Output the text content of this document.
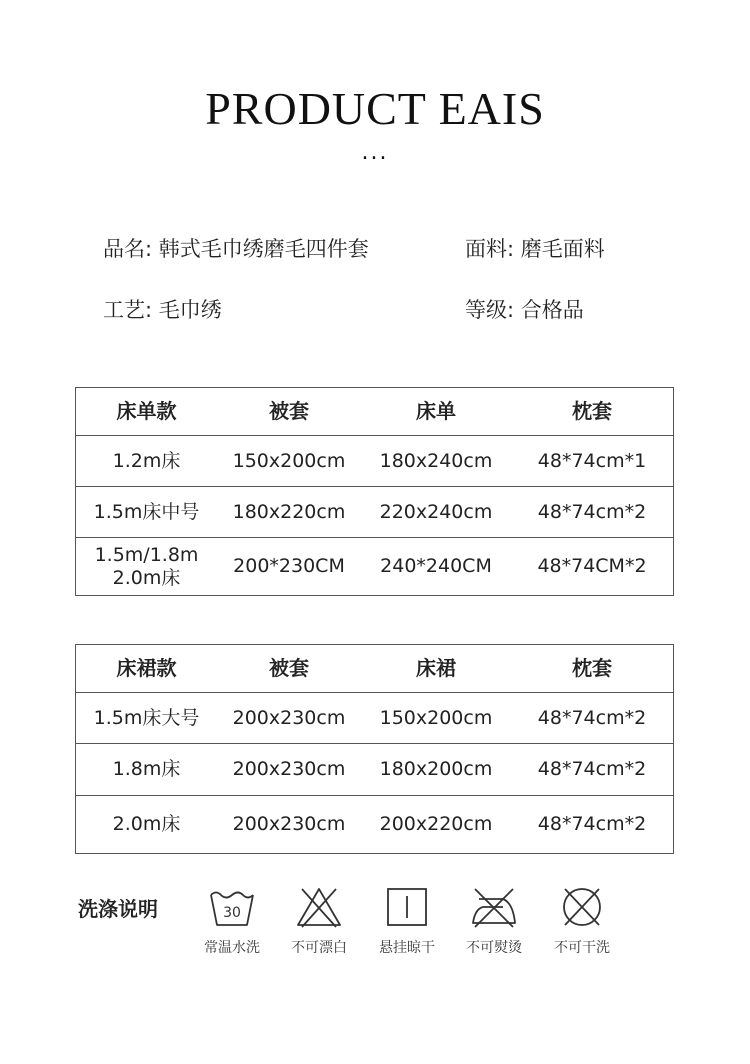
PRODUCT EAIS
...
品名: 韩式毛巾绣磨毛四件套	面料: 磨毛面料
工艺: 毛巾绣	等级: 合格品
床单款	被套	床单	枕套
1.2m床	150x200cm	180x240cm	48*74cm*1
1.5m床中号	180x220cm	220x240cm	48*74cm*2

1.5m/1.8m
2.0m床	200*230CM	240*240CM	48*74CM*2
床裙款	被套	床裙	枕套
1.5m床大号	200x230cm	150x200cm	48*74cm*2
1.8m床	200x230cm	180x200cm	48*74cm*2
2.0m床	200x230cm	200x220cm	48*74cm*2
洗涤说明	30
常温水洗	不可漂白	悬挂晾干	不可熨烫	不可干洗
